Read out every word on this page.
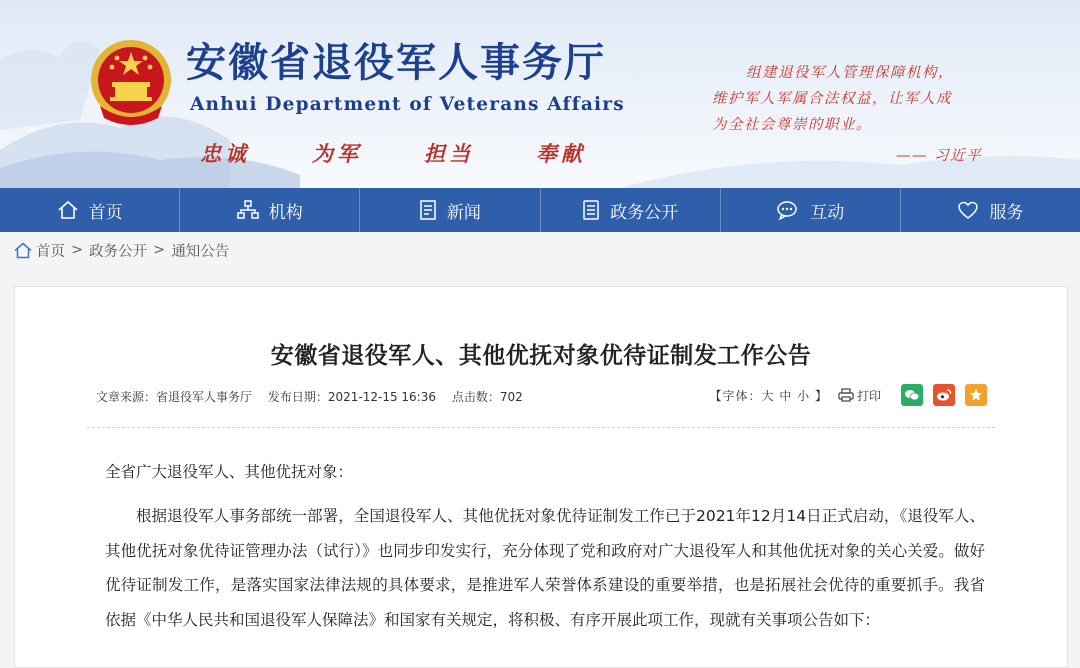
安徽省退役军人事务厅
Anhui Department of Veterans Affairs
忠诚	为军	担当	奉献
组建退役军人管理保障机构，
维护军人军属合法权益，让军人成
为全社会尊崇的职业。
—— 习近平
首页	机构	新闻	政务公开	互动	服务
首页 > 政务公开 > 通知公告
安徽省退役军人、其他优抚对象优待证制发工作公告
文章来源：省退役军人事务厅 发布日期：2021-12-15 16:36 点击数：702	【字体：大 中 小 】 打印
全省广大退役军人、其他优抚对象：
根据退役军人事务部统一部署，全国退役军人、其他优抚对象优待证制发工作已于2021年12月14日正式启动，《退役军人、其他优抚对象优待证管理办法（试行）》也同步印发实行，充分体现了党和政府对广大退役军人和其他优抚对象的关心关爱。做好优待证制发工作，是落实国家法律法规的具体要求，是推进军人荣誉体系建设的重要举措，也是拓展社会优待的重要抓手。我省依据《中华人民共和国退役军人保障法》和国家有关规定，将积极、有序开展此项工作，现就有关事项公告如下：
